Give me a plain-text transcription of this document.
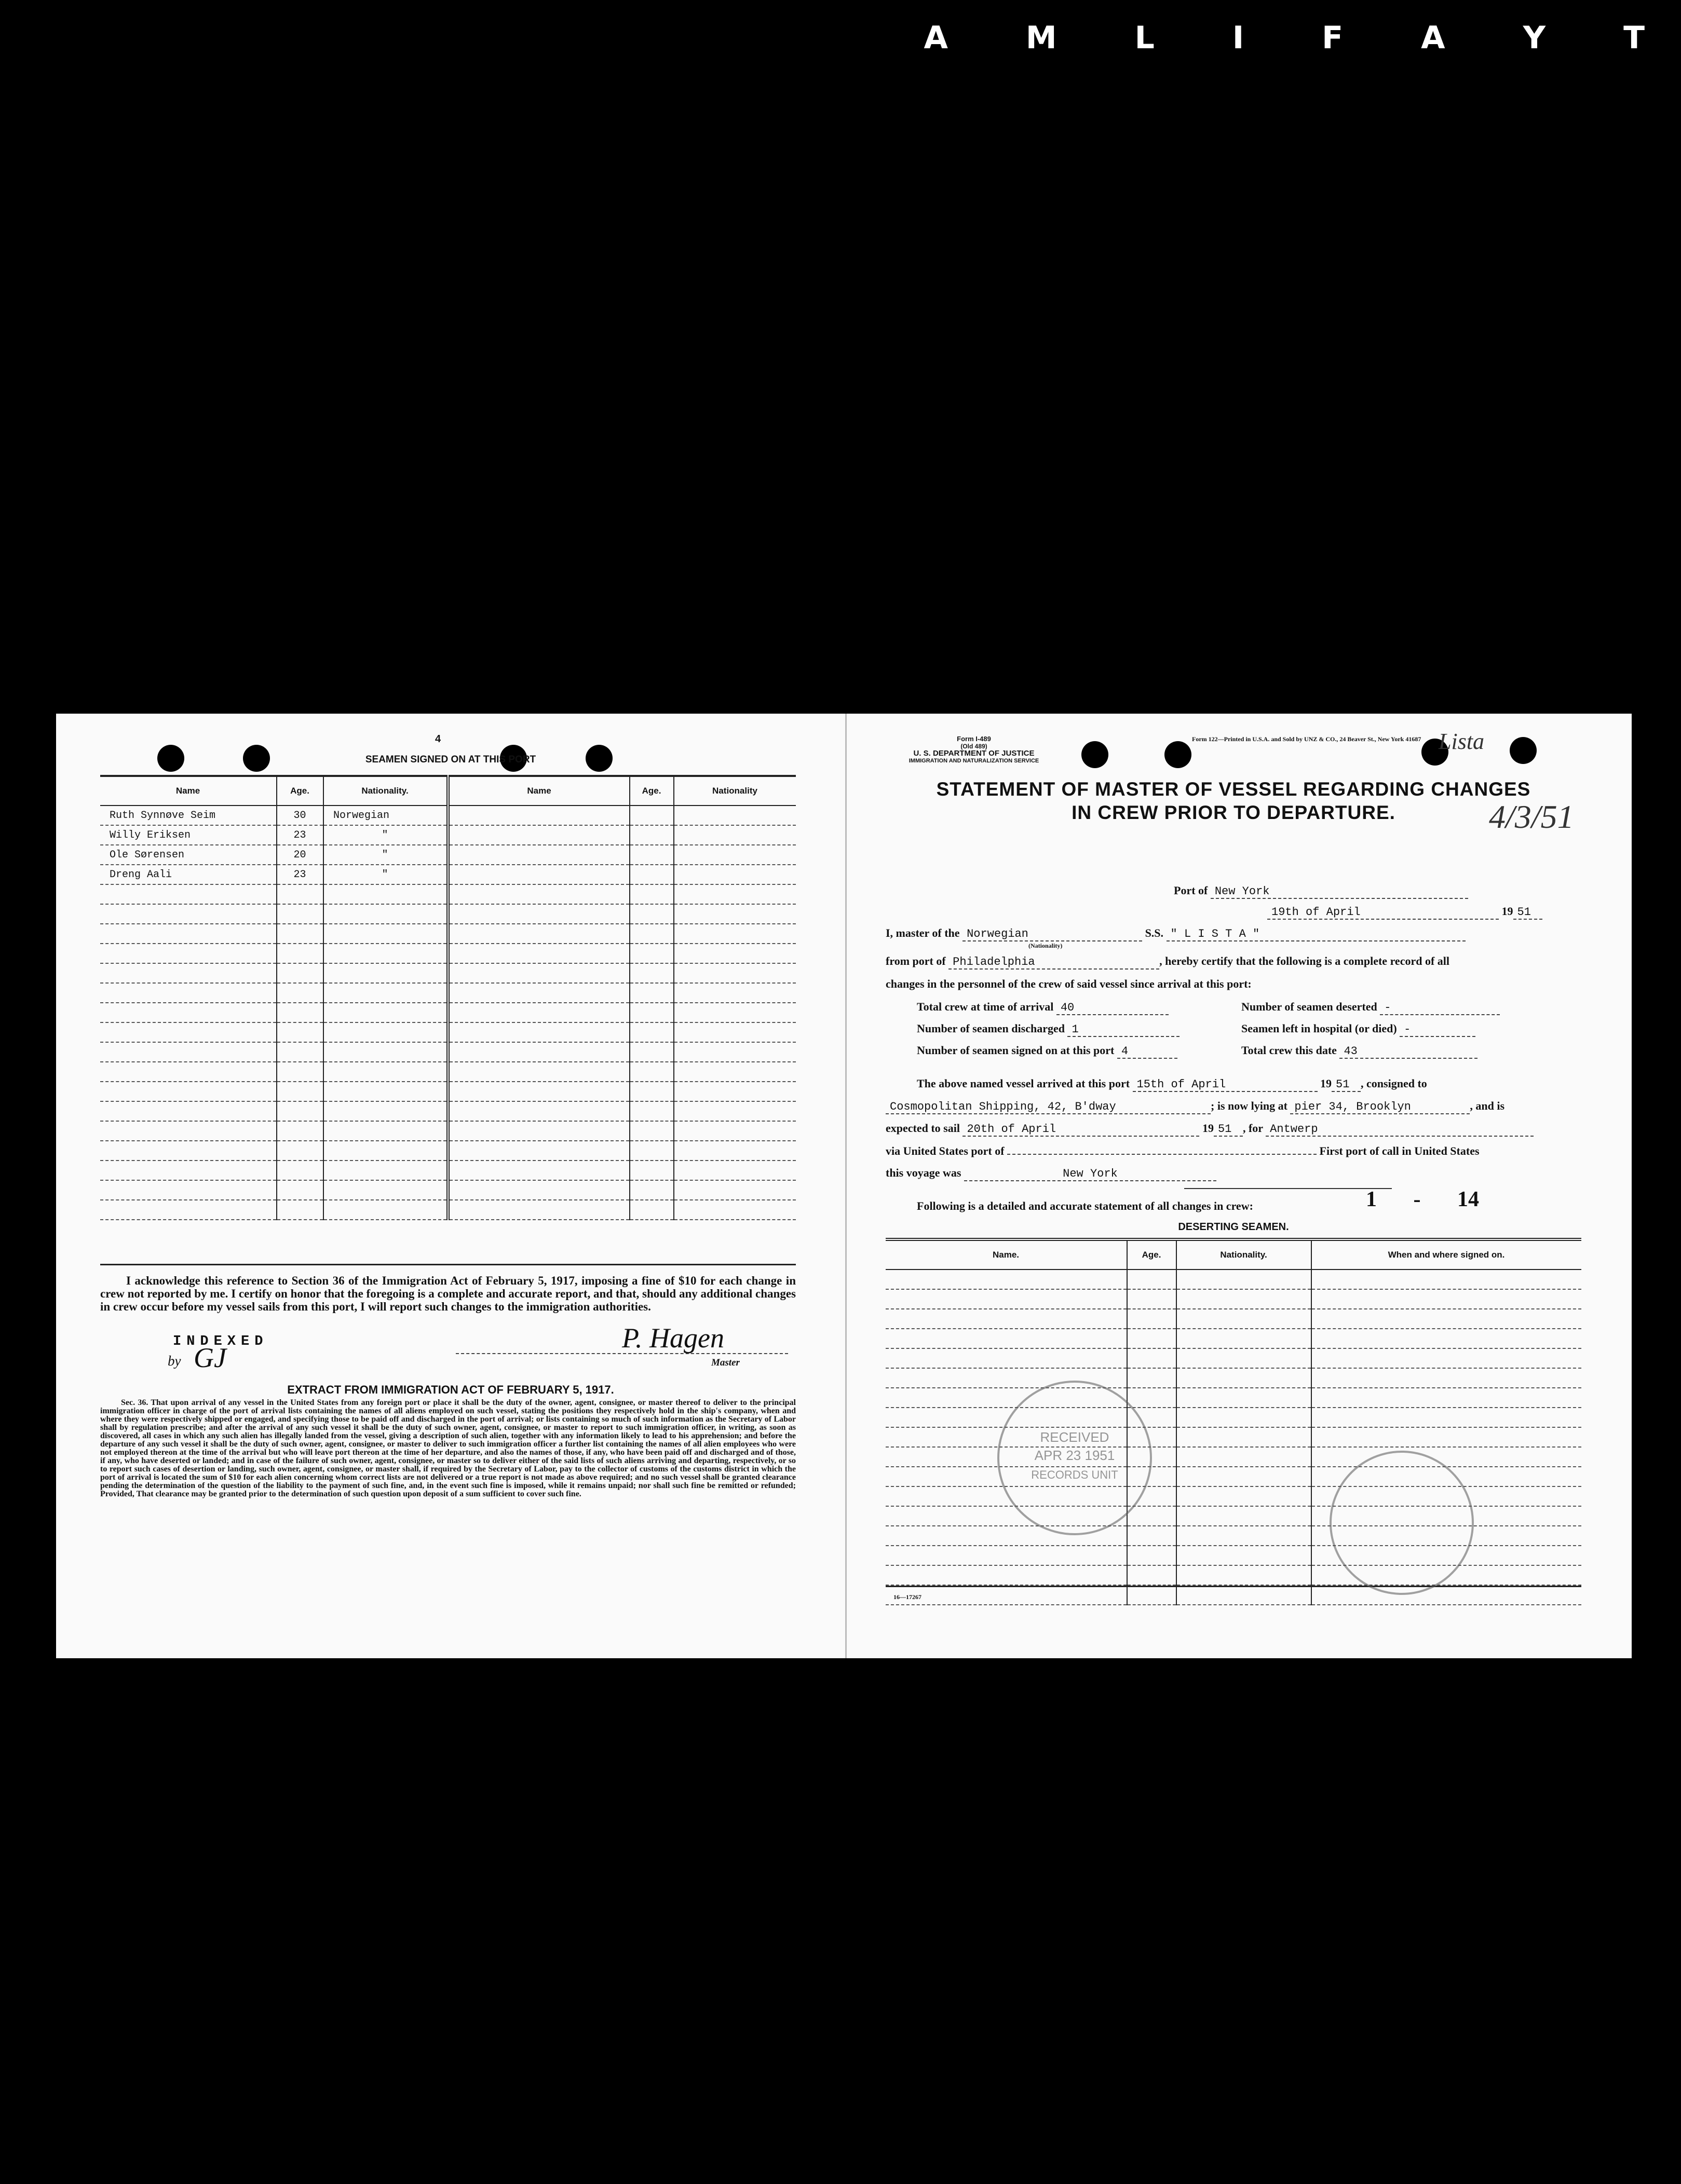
A	M	L	I	F	A	Y	T
4
SEAMEN SIGNED ON AT THIS PORT
Name	Age.	Nationality.	Name	Age.	Nationality
Ruth Synnøve Seim	30	Norwegian			
Willy Eriksen	23	"			
Ole Sørensen	20	"			
Dreng Aali	23	"			

I acknowledge this reference to Section 36 of the Immigration Act of February 5, 1917, imposing a fine of $10 for each change in crew not reported by me. I certify on honor that the foregoing is a complete and accurate report, and that, should any additional changes in crew occur before my vessel sails from this port, I will report such changes to the immigration authorities.
INDEXED
by GJ
P. Hagen
Master
EXTRACT FROM IMMIGRATION ACT OF FEBRUARY 5, 1917.
Sec. 36. That upon arrival of any vessel in the United States from any foreign port or place it shall be the duty of the owner, agent, consignee, or master thereof to deliver to the principal immigration officer in charge of the port of arrival lists containing the names of all aliens employed on such vessel, stating the positions they respectively hold in the ship's company, when and where they were respectively shipped or engaged, and specifying those to be paid off and discharged in the port of arrival; or lists containing so much of such information as the Secretary of Labor shall by regulation prescribe; and after the arrival of any such vessel it shall be the duty of such owner, agent, consignee, or master to report to such immigration officer, in writing, as soon as discovered, all cases in which any such alien has illegally landed from the vessel, giving a description of such alien, together with any information likely to lead to his apprehension; and before the departure of any such vessel it shall be the duty of such owner, agent, consignee, or master to deliver to such immigration officer a further list containing the names of all alien employees who were not employed thereon at the time of the arrival but who will leave port thereon at the time of her departure, and also the names of those, if any, who have been paid off and discharged and of those, if any, who have deserted or landed; and in case of the failure of such owner, agent, consignee, or master so to deliver either of the said lists of such aliens arriving and departing, respectively, or so to report such cases of desertion or landing, such owner, agent, consignee, or master shall, if required by the Secretary of Labor, pay to the collector of customs of the customs district in which the port of arrival is located the sum of $10 for each alien concerning whom correct lists are not delivered or a true report is not made as above required; and no such vessel shall be granted clearance pending the determination of the question of the liability to the payment of such fine, and, in the event such fine is imposed, while it remains unpaid; nor shall such fine be remitted or refunded; Provided, That clearance may be granted prior to the determination of such question upon deposit of a sum sufficient to cover such fine.
Form I-489
(Old 489)
U. S. DEPARTMENT OF JUSTICE
IMMIGRATION AND NATURALIZATION SERVICE
Form 122—Printed in U.S.A. and Sold by UNZ & CO., 24 Beaver St., New York 41687 Lista
4/3/51
STATEMENT OF MASTER OF VESSEL REGARDING CHANGES
IN CREW PRIOR TO DEPARTURE.
Port of New York
19th of April	19 51
I, master of the Norwegian	S.S. " L I S T A "
(Nationality)
from port of Philadelphia	, hereby certify that the following is a complete record of all
changes in the personnel of the crew of said vessel since arrival at this port:
Total crew at time of arrival 40	Number of seamen deserted -
Number of seamen discharged 1	Seamen left in hospital (or died) -
Number of seamen signed on at this port 4	Total crew this date 43
The above named vessel arrived at this port 15th of April	19 51 , consigned to
Cosmopolitan Shipping, 42, B'dway	; is now lying at pier 34, Brooklyn	, and is
expected to sail 20th of April	19 51 , for Antwerp
via United States port of	First port of call in United States
this voyage was	New York
Following is a detailed and accurate statement of all changes in crew:	1 - 14
DESERTING SEAMEN.
Name.	Age.	Nationality.	When and where signed on.

RECEIVED
APR 23 1951
RECORDS UNIT
16—17267
